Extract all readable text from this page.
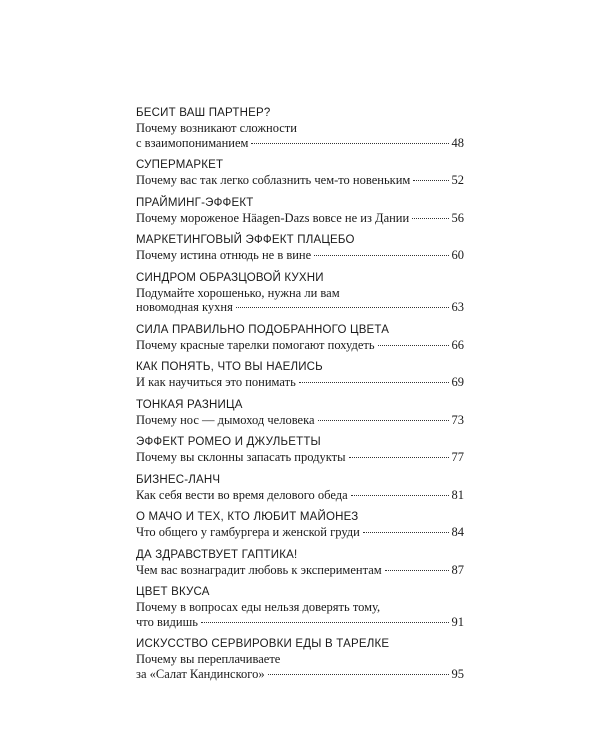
БЕСИТ ВАШ ПАРТНЕР?
Почему возникают сложности
с взаимопониманием	48
СУПЕРМАРКЕТ
Почему вас так легко соблазнить чем-то новеньким	52
ПРАЙМИНГ-ЭФФЕКТ
Почему мороженое Häagen-Dazs вовсе не из Дании	56
МАРКЕТИНГОВЫЙ ЭФФЕКТ ПЛАЦЕБО
Почему истина отнюдь не в вине	60
СИНДРОМ ОБРАЗЦОВОЙ КУХНИ
Подумайте хорошенько, нужна ли вам
новомодная кухня	63
СИЛА ПРАВИЛЬНО ПОДОБРАННОГО ЦВЕТА
Почему красные тарелки помогают похудеть	66
КАК ПОНЯТЬ, ЧТО ВЫ НАЕЛИСЬ
И как научиться это понимать	69
ТОНКАЯ РАЗНИЦА
Почему нос — дымоход человека	73
ЭФФЕКТ РОМЕО И ДЖУЛЬЕТТЫ
Почему вы склонны запасать продукты	77
БИЗНЕС-ЛАНЧ
Как себя вести во время делового обеда	81
О МАЧО И ТЕХ, КТО ЛЮБИТ МАЙОНЕЗ
Что общего у гамбургера и женской груди	84
ДА ЗДРАВСТВУЕТ ГАПТИКА!
Чем вас вознаградит любовь к экспериментам	87
ЦВЕТ ВКУСА
Почему в вопросах еды нельзя доверять тому,
что видишь	91
ИСКУССТВО СЕРВИРОВКИ ЕДЫ В ТАРЕЛКЕ
Почему вы переплачиваете
за «Салат Кандинского»	95
